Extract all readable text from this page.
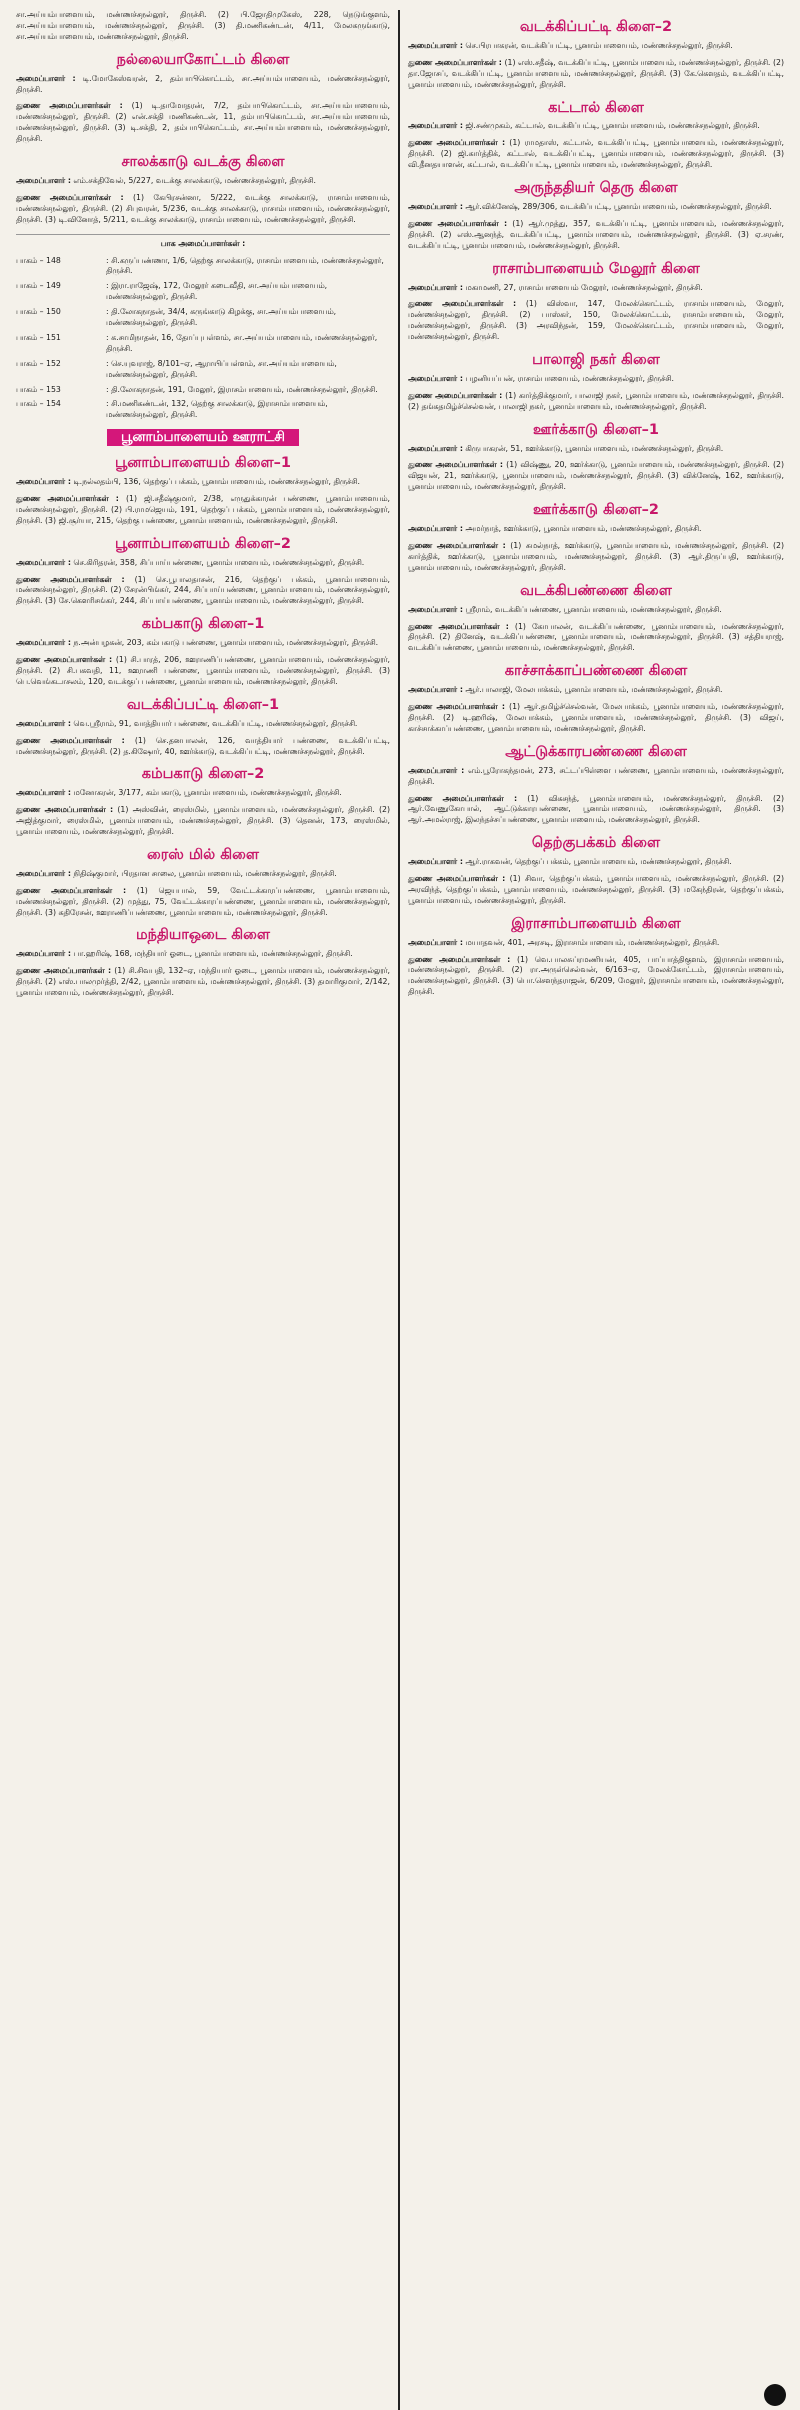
சா.அய்யம்பாளையம், மண்ணச்சநல்லூர், திருச்சி. (2) பி.ஜோதிமுகேஸ், 228, நெடுங்குளம், சா.அய்யம்பாளையம், மண்ணச்சநல்லூர், திருச்சி. (3) தி.மணிகண்டன், 4/11, மேலகருங்காடு, சா.அய்யம்பாளையம், மண்ணச்சநல்லூர், திருச்சி.

நல்லையாகோட்டம் கிளை

அமைப்பாளர் : டி.மோகேஸ்வரன், 2, தம்பாபிகொட்டம், சா.அய்யம்பாளையம், மண்ணச்சநல்லூர், திருச்சி.

துணை அமைப்பாளர்கள் : (1) டி.தாமோதரன், 7/2, தம்பாபிகொட்டம், சா.அய்யம்பாளையம், மண்ணச்சநல்லூர், திருச்சி. (2) என்.சக்தி மணிகண்டன், 11, தம்பாபிகொட்டம், சா.அய்யம்பாளையம், மண்ணச்சநல்லூர், திருச்சி. (3) டி.சக்தி, 2, தம்பாபிகொட்டம், சா.அய்யம்பாளையம், மண்ணச்சநல்லூர், திருச்சி.

சாலக்காடு வடக்கு கிளை

அமைப்பாளர் : எம்.சக்திவேல், 5/227, வடக்கு சாலக்காடு, மண்ணச்சநல்லூர், திருச்சி.

துணை அமைப்பாளர்கள் : (1) கேபிரசன்னா, 5/222, வடக்கு சாலக்காடு, ராசாம்பாளையம், மண்ணச்சநல்லூர், திருச்சி. (2) சிபுவரன், 5/236, வடக்கு சாலக்காடு, ராசாம்பாளையம், மண்ணச்சநல்லூர், திருச்சி. (3) டி.வினோத், 5/211, வடக்கு சாலக்காடு, ராசாம்பாளையம், மண்ணச்சநல்லூர், திருச்சி.

பாக அமைப்பாளர்கள் :
பாகம் – 148	: சி.கருப்பண்ணா, 1/6, தெற்கு சாலக்காடு, ராசாம்பாளையம், மண்ணச்சநல்லூர், திருச்சி.
பாகம் – 149	: இரா.ராஜேஷ், 172, மேலூர் கடைவீதி, சா.அய்யம்பாளையம், மண்ணச்சநல்லூர், திருச்சி.
பாகம் – 150	: தி.லோகநாதன், 34/4, கருங்காடு கிழக்கு, சா.அய்யம்பாளையம், மண்ணச்சநல்லூர், திருச்சி.
பாகம் – 151	: க.சாமிநாதன், 16, தோப்புபள்ளம், சா.அய்யம்பாளையம், மண்ணச்சநல்லூர், திருச்சி.
பாகம் – 152	: செ.யுவராஜ், 8/101–ஏ, ஆராயிப்பள்ளம், சா.அய்யம்பாளையம், மண்ணச்சநல்லூர், திருச்சி.
பாகம் – 153	: தி.லோகநாதன், 191, மேலூர், இராசம்பாளையம், மண்ணச்சநல்லூர், திருச்சி.
பாகம் – 154	: சி.மணிகண்டன், 132, தெற்கு சாலக்காடு, இராசாம்பாளையம், மண்ணச்சநல்லூர், திருச்சி.
பூனாம்பாளையம் ஊராட்சி
பூனாம்பாளையம் கிளை–1

அமைப்பாளர் : டி.நல்லதம்பி, 136, தெற்குப் பக்கம், பூனாம்பாளையம், மண்ணச்சநல்லூர், திருச்சி.

துணை அமைப்பாளர்கள் : (1) ஜி.சதீஷ்குமார், 2/38, எருதுக்காரன் பண்ணை, பூனாம்பாளையம், மண்ணச்சநல்லூர், திருச்சி. (2) பி.ராமஜெயம், 191, தெற்குப் பக்கம், பூனாம்பாளையம், மண்ணச்சநல்லூர், திருச்சி. (3) ஜி.சூர்யா, 215, தெற்கு பண்ணை, பூனாம்பாளையம், மண்ணச்சநல்லூர், திருச்சி.

பூனாம்பாளையம் கிளை–2

அமைப்பாளர் : செ.கிரிதரன், 358, சிப்பாய்பண்ணை, பூனாம்பாளையம், மண்ணச்சநல்லூர், திருச்சி.

துணை அமைப்பாளர்கள் : (1) செ.பூபாலதாசன், 216, தெற்குப் பக்கம், பூனாம்பாளையம், மண்ணச்சநல்லூர், திருச்சி. (2) சேரன்பிங்கர், 244, சிப்பாய்பண்ணை, பூனாம்பாளையம், மண்ணச்சநல்லூர், திருச்சி. (3) சே.கௌரிசங்கர், 244, சிப்பாய்பண்ணை, பூனாம்பாளையம், மண்ணச்சநல்லூர், திருச்சி.

கம்பகாடு கிளை–1

அமைப்பாளர் : ந.அன்பழகன், 203, கம்பகாடு பண்ணை, பூனாம்பாளையம், மண்ணச்சநல்லூர், திருச்சி.

துணை அமைப்பாளர்கள் : (1) சி.பாரத், 206, ஊராணிப்பண்ணை, பூனாம்பாளையம், மண்ணச்சநல்லூர், திருச்சி. (2) சி.பகவதி, 11, ஊராணி பண்ணை, பூனாம்பாளையம், மண்ணச்சநல்லூர், திருச்சி. (3) பெ.வெங்கடாசலம், 120, வடக்குப் பண்ணை, பூனாம்பாளையம், மண்ணச்சநல்லூர், திருச்சி.

வடக்கிப்பட்டி கிளை–1

அமைப்பாளர் : வெ.ஸ்ரீராம், 91, வாத்தியார் பண்ணை, வடக்கிப்பட்டி, மண்ணச்சநல்லூர், திருச்சி.

துணை அமைப்பாளர்கள் : (1) செ.தனபாலன், 126, வாத்தியார் பண்ணை, வடக்கிப்பட்டி, மண்ணச்சநல்லூர், திருச்சி. (2) த.கிஷோர், 40, ஊர்க்காடு, வடக்கிப்பட்டி, மண்ணச்சநல்லூர், திருச்சி.

கம்பகாடு கிளை–2

அமைப்பாளர் : மனோகரன், 3/177, கம்பகாடு, பூனாம்பாளையம், மண்ணச்சநல்லூர், திருச்சி.

துணை அமைப்பாளர்கள் : (1) அஸ்வின், ரைஸ்மில், பூனாம்பாளையம், மண்ணச்சநல்லூர், திருச்சி. (2) அஜித்குமார், ரைஸ்மில், பூனாம்பாளையம், மண்ணச்சநல்லூர், திருச்சி. (3) தெனன், 173, ரைஸ்மில், பூனாம்பாளையம், மண்ணச்சநல்லூர், திருச்சி.

ரைஸ் மில் கிளை

அமைப்பாளர் : நிதிஷ்குமார், பிரதான சாலை, பூனாம்பாளையம், மண்ணச்சநல்லூர், திருச்சி.

துணை அமைப்பாளர்கள் : (1) ஜெயபால், 59, வேட்டக்காரப்பண்ணை, பூனாம்பாளையம், மண்ணச்சநல்லூர், திருச்சி. (2) முத்து, 75, வேட்டக்காரப்பண்ணை, பூனாம்பாளையம், மண்ணச்சநல்லூர், திருச்சி. (3) கதிரேசன், ஊராணிப்பண்ணை, பூனாம்பாளையம், மண்ணச்சநல்லூர், திருச்சி.

மந்தியாஒடை கிளை

அமைப்பாளர் : பா.ஹரிஷ், 168, மந்தியார் ஓடை, பூனாம்பாளையம், மண்ணச்சநல்லூர், திருச்சி.

துணை அமைப்பாளர்கள் : (1) சி.சிவபதி, 132–ஏ, மந்தியார் ஓடை, பூனாம்பாளையம், மண்ணச்சநல்லூர், திருச்சி. (2) எஸ்.பாலமுர்த்தி, 2/42, பூனாம்பாளையம், மண்ணச்சநல்லூர், திருச்சி. (3) தமாரிகுமார், 2/142, பூனாம்பாளையம், மண்ணச்சநல்லூர், திருச்சி.

வடக்கிப்பட்டி கிளை–2

அமைப்பாளர் : செ.பிரபாகரன், வடக்கிப்பட்டி, பூனாம்பாளையம், மண்ணச்சநல்லூர், திருச்சி.

துணை அமைப்பாளர்கள் : (1) எஸ்.சதீஷ், வடக்கிப்பட்டி, பூனாம்பாளையம், மண்ணச்சநல்லூர், திருச்சி. (2) தா.ஜோசப், வடக்கிப்பட்டி, பூனாம்பாளையம், மண்ணச்சநல்லூர், திருச்சி. (3) கே.கௌதம், வடக்கிப்பட்டி, பூனாம்பாளையம், மண்ணச்சநல்லூர், திருச்சி.

கட்டால் கிளை

அமைப்பாளர் : ஜி.சண்முகம், கட்டால், வடக்கிப்பட்டி, பூனாம்பாளையம், மண்ணச்சநல்லூர், திருச்சி.

துணை அமைப்பாளர்கள் : (1) ராமதாஸ், கட்டால், வடக்கிப்பட்டி, பூனாம்பாளையம், மண்ணச்சநல்லூர், திருச்சி. (2) ஜி.கார்த்திக், கட்டால், வடக்கிப்பட்டி, பூனாம்பாளையம், மண்ணச்சநல்லூர், திருச்சி. (3) வி.தீனதயாளன், கட்டால், வடக்கிப்பட்டி, பூனாம்பாளையம், மண்ணச்சநல்லூர், திருச்சி.

அருந்ததியர் தெரு கிளை

அமைப்பாளர் : ஆர்.விக்னேஷ், 289/306, வடக்கிப்பட்டி, பூனாம்பாளையம், மண்ணச்சநல்லூர், திருச்சி.

துணை அமைப்பாளர்கள் : (1) ஆர்.முத்து, 357, வடக்கிப்பட்டி, பூனாம்பாளையம், மண்ணச்சநல்லூர், திருச்சி. (2) எஸ்.ஆனந்த், வடக்கிப்பட்டி, பூனாம்பாளையம், மண்ணச்சநல்லூர், திருச்சி. (3) ஏ.சரண், வடக்கிப்பட்டி, பூனாம்பாளையம், மண்ணச்சநல்லூர், திருச்சி.

ராசாம்பாளையம் மேலூர் கிளை

அமைப்பாளர் : மகாமணி, 27, ராசாம்பாளையம் மேலூர், மண்ணச்சநல்லூர், திருச்சி.

துணை அமைப்பாளர்கள் : (1) விஸ்வா, 147, மேலக்கொட்டம், ராசாம்பாளையம், மேலூர், மண்ணச்சநல்லூர், திருச்சி. (2) பாஸ்கர், 150, மேலக்கொட்டம், ராசாம்பாளையம், மேலூர், மண்ணச்சநல்லூர், திருச்சி. (3) அரவிந்தன், 159, மேலக்கொட்டம், ராசாம்பாளையம், மேலூர், மண்ணச்சநல்லூர், திருச்சி.

பாலாஜி நகர் கிளை

அமைப்பாளர் : பழனியப்பன், ராசாம்பாளையம், மண்ணச்சநல்லூர், திருச்சி.

துணை அமைப்பாளர்கள் : (1) கார்த்திக்குமார், பாலாஜி நகர், பூனாம்பாளையம், மண்ணச்சநல்லூர், திருச்சி. (2) தங்கதமிழ்ச்செல்வன், பாலாஜி நகர், பூனாம்பாளையம், மண்ணச்சநல்லூர், திருச்சி.

ஊர்க்காடு கிளை–1

அமைப்பாளர் : கிருபாகரன், 51, ஊர்க்காடு, பூனாம்பாளையம், மண்ணச்சநல்லூர், திருச்சி.

துணை அமைப்பாளர்கள் : (1) விஷ்ணு, 20, ஊர்க்காடு, பூனாம்பாளையம், மண்ணச்சநல்லூர், திருச்சி. (2) விஜயன், 21, ஊர்க்காடு, பூனாம்பாளையம், மண்ணச்சநல்லூர், திருச்சி. (3) விக்னேஷ், 162, ஊர்க்காடு, பூனாம்பாளையம், மண்ணச்சநல்லூர், திருச்சி.

ஊர்க்காடு கிளை–2

அமைப்பாளர் : அமர்நாத், ஊர்க்காடு, பூனாம்பாளையம், மண்ணச்சநல்லூர், திருச்சி.

துணை அமைப்பாளர்கள் : (1) சுமல்நாத், ஊர்க்காடு, பூனாம்பாளையம், மண்ணச்சநல்லூர், திருச்சி. (2) கார்த்திக், ஊர்க்காடு, பூனாம்பாளையம், மண்ணச்சநல்லூர், திருச்சி. (3) ஆர்.திருப்பதி, ஊர்க்காடு, பூனாம்பாளையம், மண்ணச்சநல்லூர், திருச்சி.

வடக்கிபண்ணை கிளை

அமைப்பாளர் : ஸ்ரீராம், வடக்கிப்பண்ணை, பூனாம்பாளையம், மண்ணச்சநல்லூர், திருச்சி.

துணை அமைப்பாளர்கள் : (1) கோபாலன், வடக்கிப்பண்ணை, பூனாம்பாளையம், மண்ணச்சநல்லூர், திருச்சி. (2) தினேஷ், வடக்கிப்பண்ணை, பூனாம்பாளையம், மண்ணச்சநல்லூர், திருச்சி. (3) சத்தியராஜ், வடக்கிப்பண்ணை, பூனாம்பாளையம், மண்ணச்சநல்லூர், திருச்சி.

காச்சாக்காப்பண்ணை கிளை

அமைப்பாளர் : ஆர்.பாலாஜி, மேலபாக்கம், பூனாம்பாளையம், மண்ணச்சநல்லூர், திருச்சி.

துணை அமைப்பாளர்கள் : (1) ஆர்.தமிழ்ச்செல்வன், மேலபாக்கம், பூனாம்பாளையம், மண்ணச்சநல்லூர், திருச்சி. (2) டி.ஹரிஷ், மேலபாக்கம், பூனாம்பாளையம், மண்ணச்சநல்லூர், திருச்சி. (3) விஜய், காச்சாக்காப்பண்ணை, பூனாம்பாளையம், மண்ணச்சநல்லூர், திருச்சி.

ஆட்டுக்காரபண்ணை கிளை

அமைப்பாளர் : எம்.பூரோகந்தமன், 273, சட்டப்பிள்ளை பண்ணை, பூனாம்பாளையம், மண்ணச்சநல்லூர், திருச்சி.

துணை அமைப்பாளர்கள் : (1) விகசந்த், பூனாம்பாளையம், மண்ணச்சநல்லூர், திருச்சி. (2) ஆர்.வேணுகோபால், ஆட்டுக்காரபண்ணை, பூனாம்பாளையம், மண்ணச்சநல்லூர், திருச்சி. (3) ஆர்.அமல்ராஜ், இலந்தச்சப்பண்ணை, பூனாம்பாளையம், மண்ணச்சநல்லூர், திருச்சி.

தெற்குபக்கம் கிளை

அமைப்பாளர் : ஆர்.ராகவன், தெற்குப் பக்கம், பூனாம்பாளையம், மண்ணச்சநல்லூர், திருச்சி.

துணை அமைப்பாளர்கள் : (1) சிவா, தெற்குப்பக்கம், பூனாம்பாளையம், மண்ணச்சநல்லூர், திருச்சி. (2) அரவிந்த், தெற்குப்பக்கம், பூனாம்பாளையம், மண்ணச்சநல்லூர், திருச்சி. (3) மகேந்திரன், தெற்குப்பக்கம், பூனாம்பாளையம், மண்ணச்சநல்லூர், திருச்சி.

இராசாம்பாளையம் கிளை

அமைப்பாளர் : மயாதவன், 401, அரசடி, இராசாம்பாளையம், மண்ணச்சநல்லூர், திருச்சி.

துணை அமைப்பாளர்கள் : (1) வெ.பாலசுப்ரமணியன், 405, பாப்பாத்திகுளம், இராசாம்பாளையம், மண்ணச்சநல்லூர், திருச்சி. (2) ரா.அருள்செல்வன், 6/163–ஏ, மேலக்கோட்டம், இராசாம்பாளையம், மண்ணச்சநல்லூர், திருச்சி. (3) பொ.செளந்தராஜன், 6/209, மேலூர், இராசாம்பாளையம், மண்ணச்சநல்லூர், திருச்சி.
